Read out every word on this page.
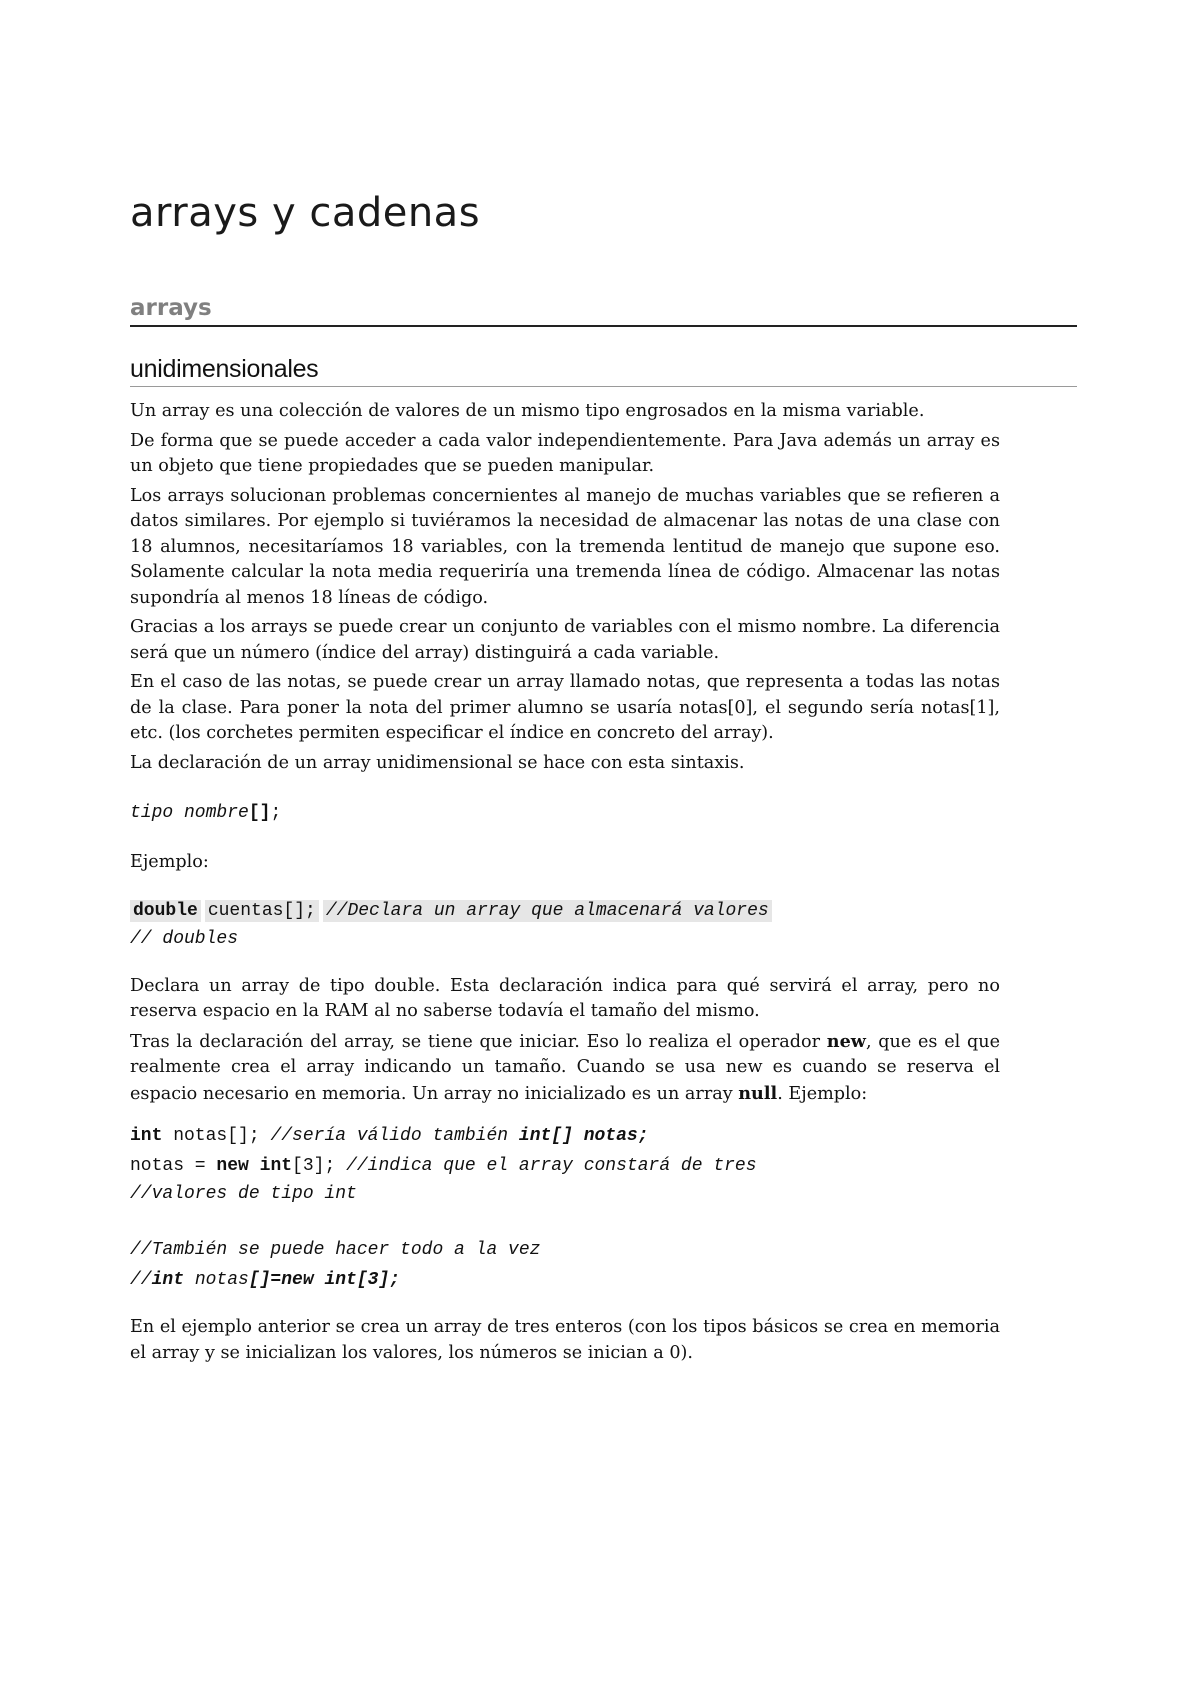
arrays y cadenas
arrays
unidimensionales

Un array es una colección de valores de un mismo tipo engrosados en la misma variable.

De forma que se puede acceder a cada valor independientemente. Para Java además un array es un objeto que tiene propiedades que se pueden manipular.

Los arrays solucionan problemas concernientes al manejo de muchas variables que se refieren a datos similares. Por ejemplo si tuviéramos la necesidad de almacenar las notas de una clase con 18 alumnos, necesitaríamos 18 variables, con la tremenda lentitud de manejo que supone eso. Solamente calcular la nota media requeriría una tremenda línea de código. Almacenar las notas supondría al menos 18 líneas de código.

Gracias a los arrays se puede crear un conjunto de variables con el mismo nombre. La diferencia será que un número (índice del array) distinguirá a cada variable.

En el caso de las notas, se puede crear un array llamado notas, que representa a todas las notas de la clase. Para poner la nota del primer alumno se usaría notas[0], el segundo sería notas[1], etc. (los corchetes permiten especificar el índice en concreto del array).

La declaración de un array unidimensional se hace con esta sintaxis.

tipo nombre[];

Ejemplo:

double cuentas[]; //Declara un array que almacenará valores
// doubles

Declara un array de tipo double. Esta declaración indica para qué servirá el array, pero no reserva espacio en la RAM al no saberse todavía el tamaño del mismo.

Tras la declaración del array, se tiene que iniciar. Eso lo realiza el operador new, que es el que realmente crea el array indicando un tamaño. Cuando se usa new es cuando se reserva el espacio necesario en memoria. Un array no inicializado es un array null. Ejemplo:

int notas[]; //sería válido también int[] notas;
notas = new int[3]; //indica que el array constará de tres
//valores de tipo int
//También se puede hacer todo a la vez
//int notas[]=new int[3];

En el ejemplo anterior se crea un array de tres enteros (con los tipos básicos se crea en memoria el array y se inicializan los valores, los números se inician a 0).
